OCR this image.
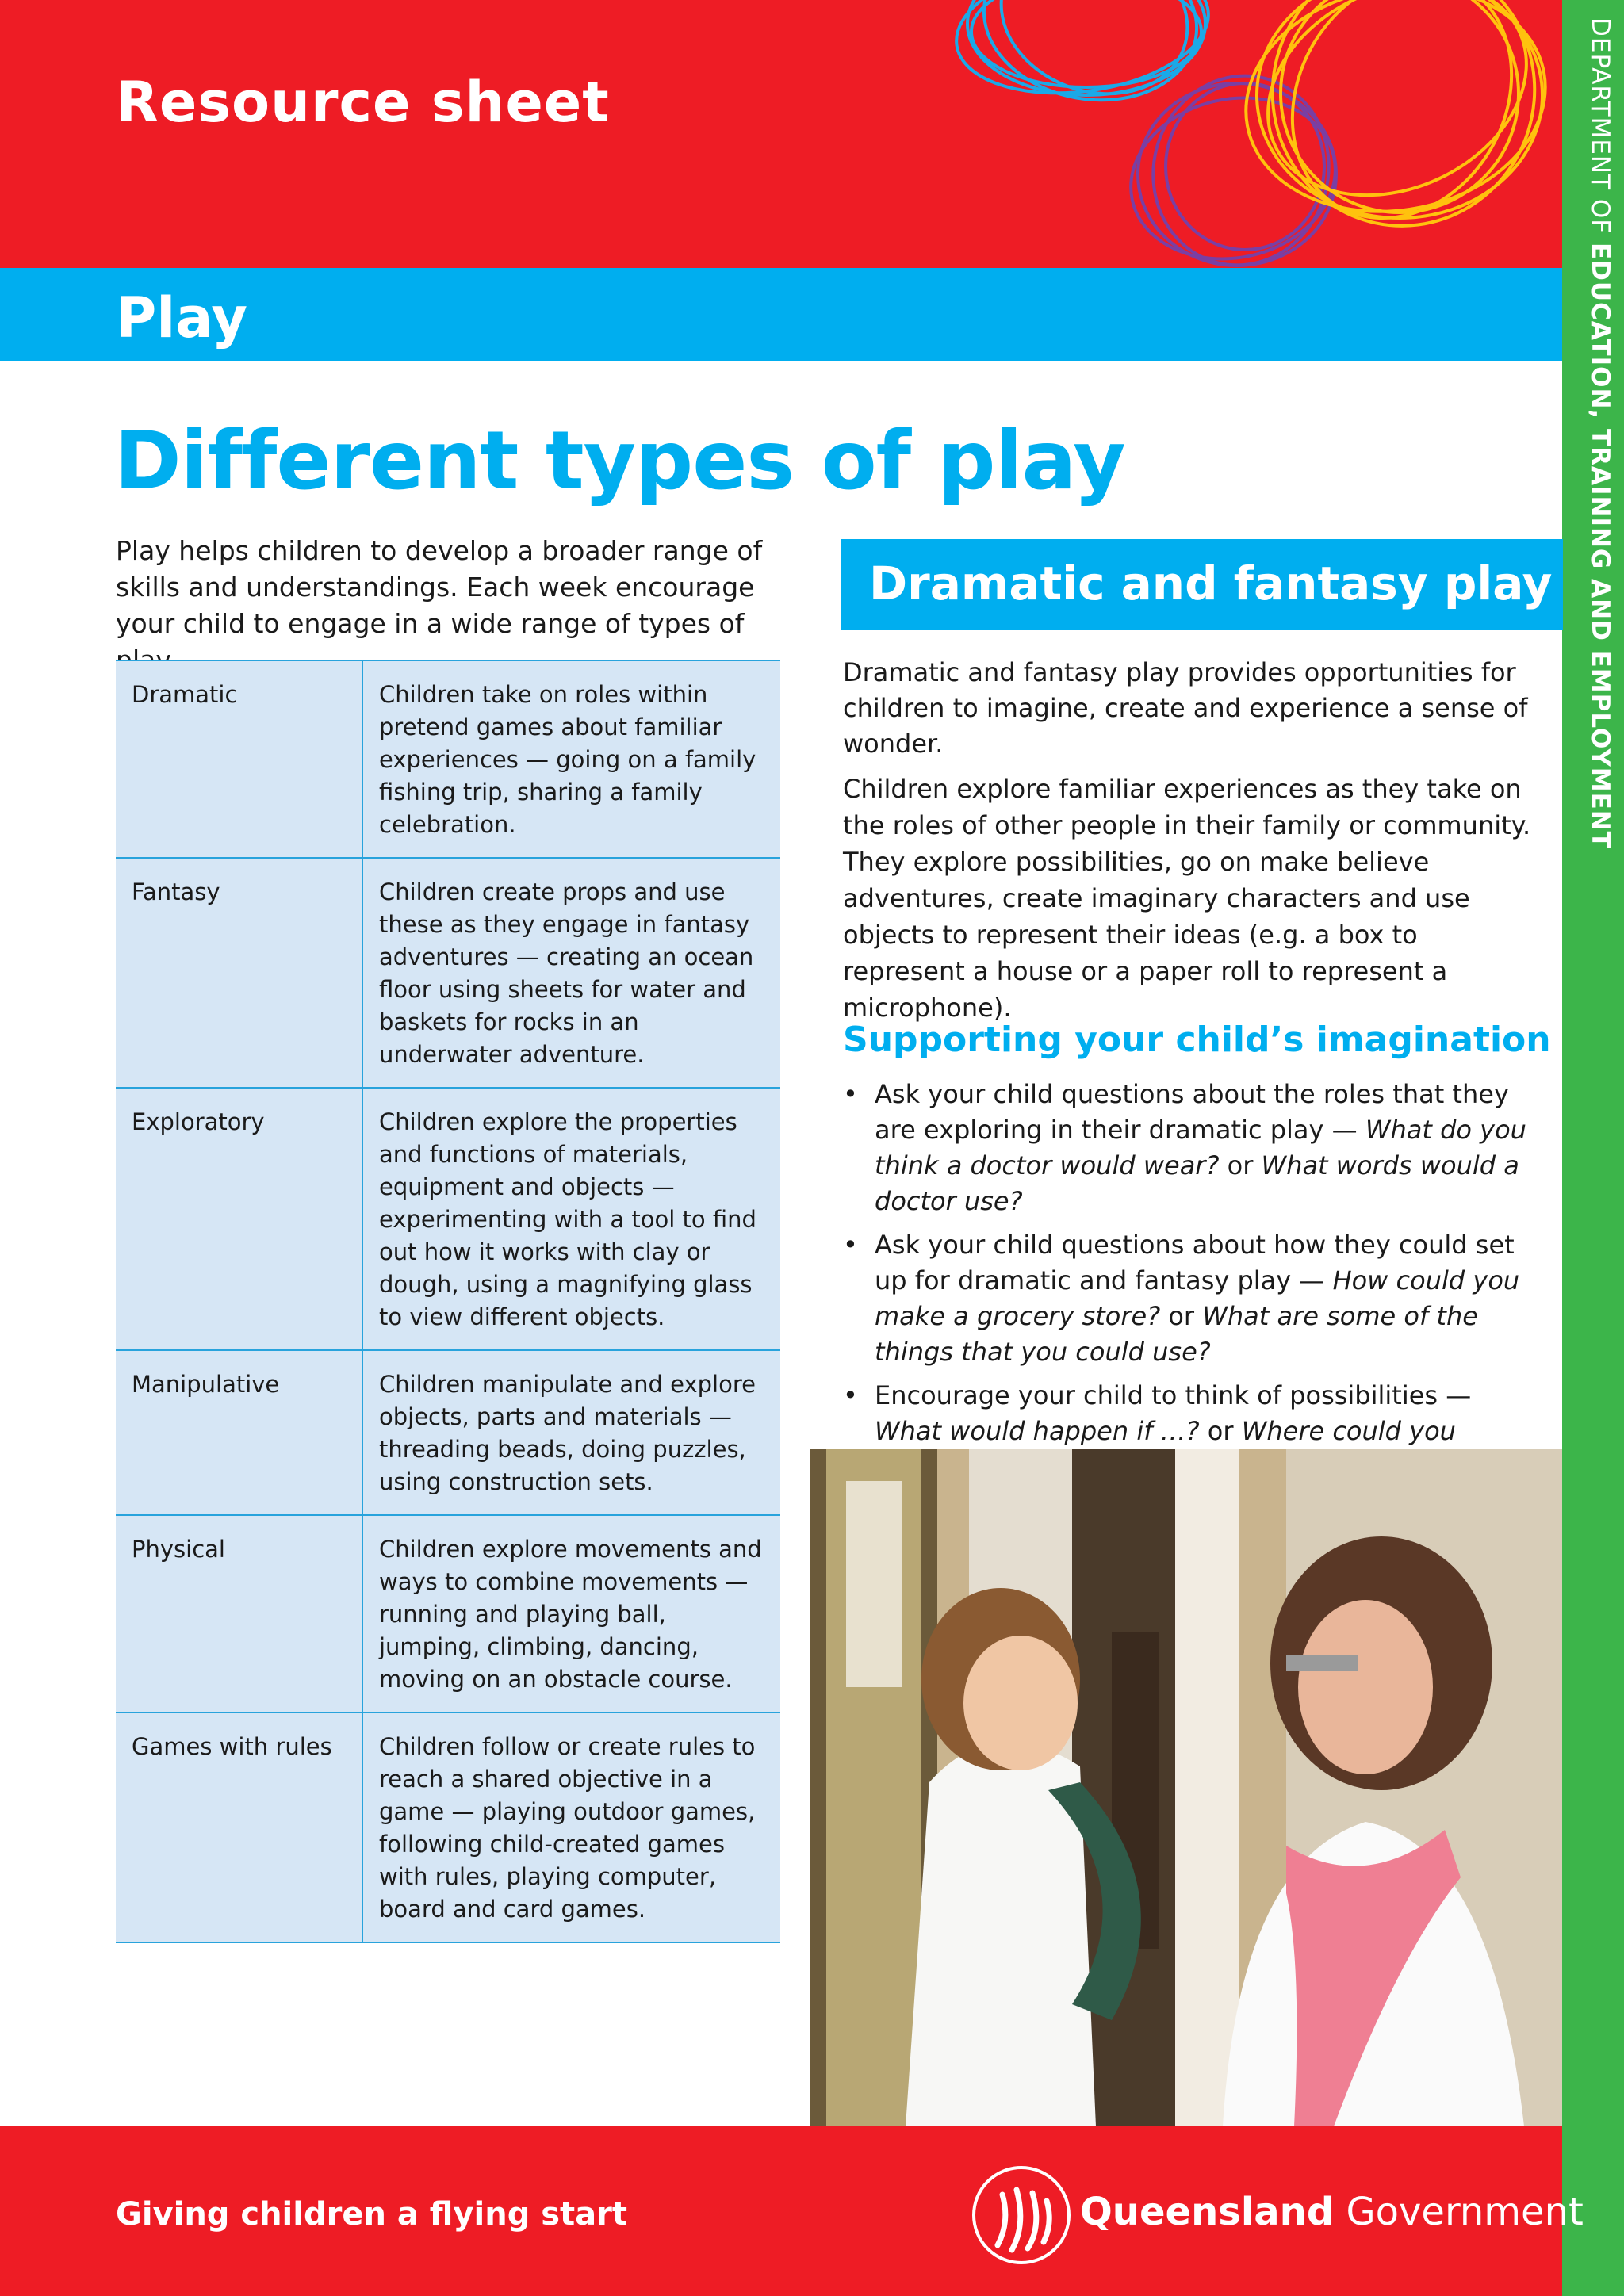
Resource sheet
Play
DEPARTMENT OF EDUCATION, TRAINING AND EMPLOYMENT
Different types of play
Play helps children to develop a broader range of skills and understandings. Each week encourage your child to engage in a wide range of types of
Dramatic	Children take on roles within pretend games about familiar experiences — going on a family fishing trip, sharing a family celebration.
Fantasy	Children create props and use these as they engage in fantasy adventures — creating an ocean floor using sheets for water and baskets for rocks in an underwater adventure.
Exploratory	Children explore the properties and functions of materials, equipment and objects — experimenting with a tool to find out how it works with clay or dough, using a magnifying glass to view different objects.
Manipulative	Children manipulate and explore objects, parts and materials — threading beads, doing puzzles, using construction sets.
Physical	Children explore movements and ways to combine movements — running and playing ball, jumping, climbing, dancing, moving on an obstacle course.
Games with rules	Children follow or create rules to reach a shared objective in a game — playing outdoor games, following child-created games with rules, playing computer, board and card games.
Dramatic and fantasy play
Dramatic and fantasy play provides opportunities for children to imagine, create and experience a sense of wonder.
Children explore familiar experiences as they take on the roles of other people in their family or community. They explore possibilities, go on make believe adventures, create imaginary characters and use objects to represent their ideas (e.g. a box to represent a house or a paper roll to represent a microphone).
Supporting your child’s imagination
• Ask your child questions about the roles that they are exploring in their dramatic play — What do you think a doctor would wear? or What words would a doctor use?
• Ask your child questions about how they could set up for dramatic and fantasy play — How could you make a grocery store? or What are some of the things that you could use?
• Encourage your child to think of possibilities — What would happen if …? or Where could you
Giving children a flying start	Queensland Government
